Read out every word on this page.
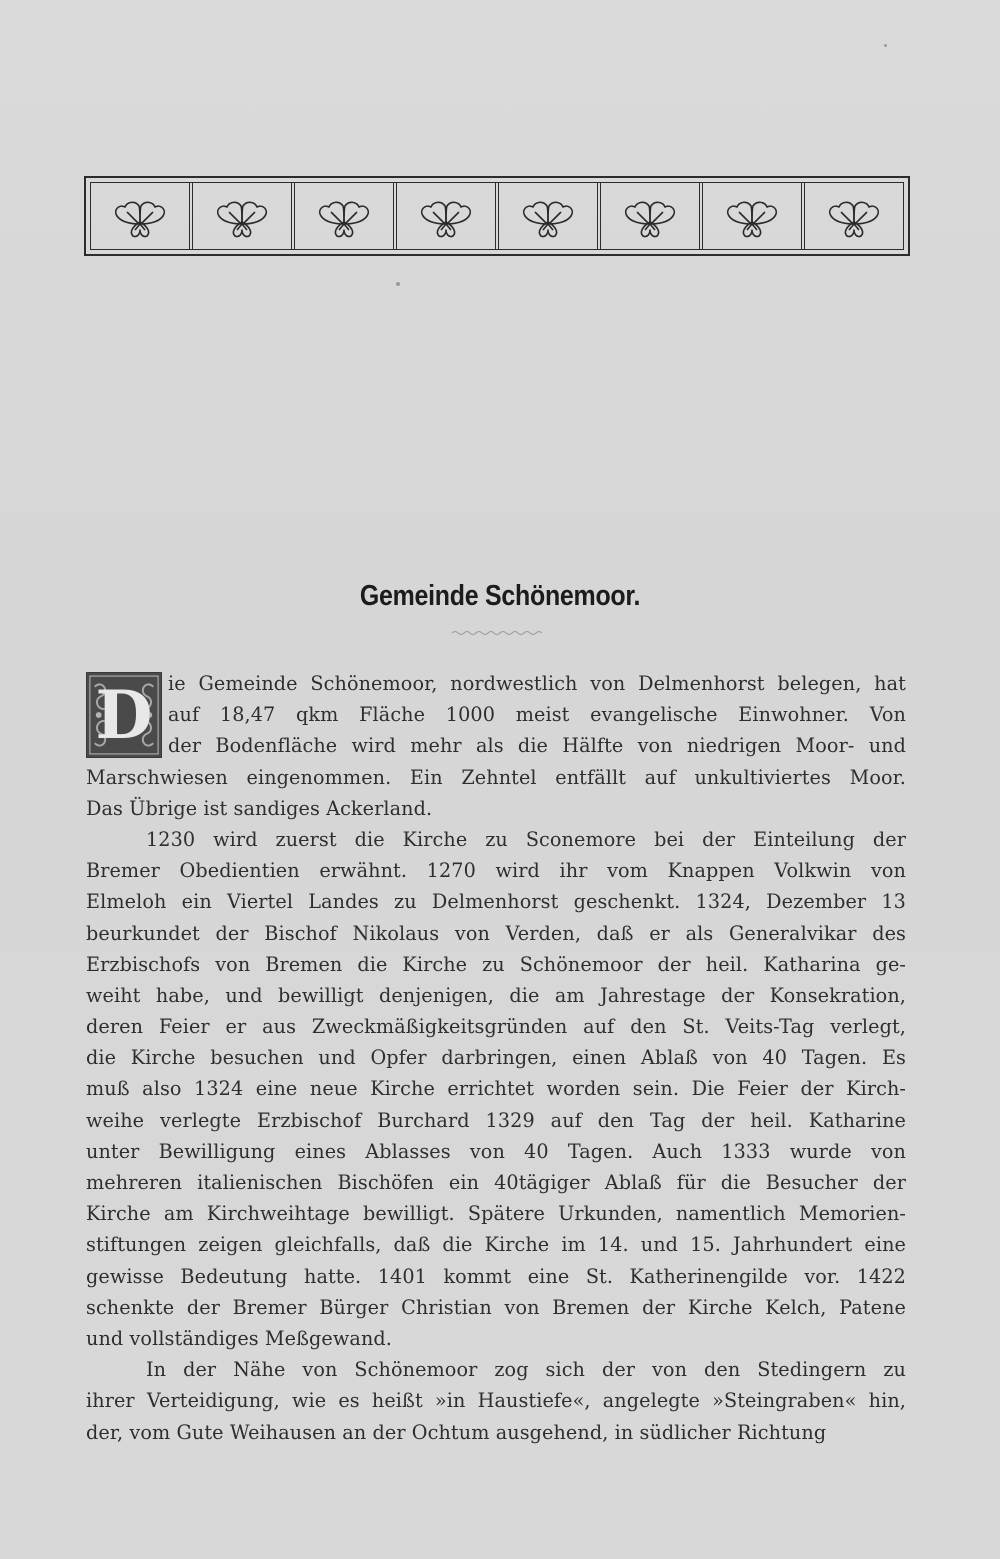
Gemeinde Schönemoor.
D ie Gemeinde Schönemoor, nordwestlich von Delmenhorst belegen, hat
auf 18,47 qkm Fläche 1000 meist evangelische Einwohner. Von
der Bodenfläche wird mehr als die Hälfte von niedrigen Moor- und
Marschwiesen eingenommen. Ein Zehntel entfällt auf unkultiviertes Moor.
Das Übrige ist sandiges Ackerland.
1230 wird zuerst die Kirche zu Sconemore bei der Einteilung der
Bremer Obedientien erwähnt. 1270 wird ihr vom Knappen Volkwin von
Elmeloh ein Viertel Landes zu Delmenhorst geschenkt. 1324, Dezember 13
beurkundet der Bischof Nikolaus von Verden, daß er als Generalvikar des
Erzbischofs von Bremen die Kirche zu Schönemoor der heil. Katharina ge-
weiht habe, und bewilligt denjenigen, die am Jahrestage der Konsekration,
deren Feier er aus Zweckmäßigkeitsgründen auf den St. Veits-Tag verlegt,
die Kirche besuchen und Opfer darbringen, einen Ablaß von 40 Tagen. Es
muß also 1324 eine neue Kirche errichtet worden sein. Die Feier der Kirch-
weihe verlegte Erzbischof Burchard 1329 auf den Tag der heil. Katharine
unter Bewilligung eines Ablasses von 40 Tagen. Auch 1333 wurde von
mehreren italienischen Bischöfen ein 40tägiger Ablaß für die Besucher der
Kirche am Kirchweihtage bewilligt. Spätere Urkunden, namentlich Memorien-
stiftungen zeigen gleichfalls, daß die Kirche im 14. und 15. Jahrhundert eine
gewisse Bedeutung hatte. 1401 kommt eine St. Katherinengilde vor. 1422
schenkte der Bremer Bürger Christian von Bremen der Kirche Kelch, Patene
und vollständiges Meßgewand.
In der Nähe von Schönemoor zog sich der von den Stedingern zu
ihrer Verteidigung, wie es heißt »in Haustiefe«, angelegte »Steingraben« hin,
der, vom Gute Weihausen an der Ochtum ausgehend, in südlicher Richtung
